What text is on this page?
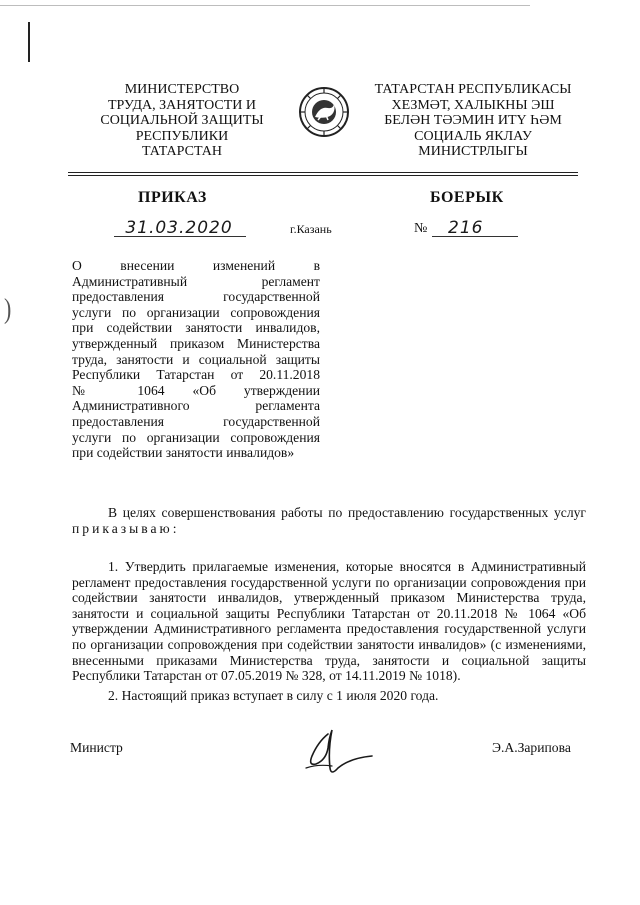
)
МИНИСТЕРСТВО
ТРУДА, ЗАНЯТОСТИ И
СОЦИАЛЬНОЙ ЗАЩИТЫ
РЕСПУБЛИКИ
ТАТАРСТАН
ТАТАРСТАН РЕСПУБЛИКАСЫ
ХЕЗМӘТ, ХАЛЫКНЫ ЭШ
БЕЛӘН ТӘЭМИН ИТҮ ҺӘМ
СОЦИАЛЬ ЯКЛАУ
МИНИСТРЛЫГЫ
ПРИКАЗ	БОЕРЫК
31.03.2020	г.Казань	№	216
О внесении изменений в
Административный регламент
предоставления государственной
услуги по организации сопровождения
при содействии занятости инвалидов,
утвержденный приказом Министерства
труда, занятости и социальной защиты
Республики Татарстан от 20.11.2018
№ 1064 «Об утверждении
Административного регламента
предоставления государственной
услуги по организации сопровождения
при содействии занятости инвалидов»

В целях совершенствования работы по предоставлению государственных услуг приказываю:

1. Утвердить прилагаемые изменения, которые вносятся в Административный регламент предоставления государственной услуги по организации сопровождения при содействии занятости инвалидов, утвержденный приказом Министерства труда, занятости и социальной защиты Республики Татарстан от 20.11.2018 № 1064 «Об утверждении Административного регламента предоставления государственной услуги по организации сопровождения при содействии занятости инвалидов» (с изменениями, внесенными приказами Министерства труда, занятости и социальной защиты Республики Татарстан от 07.05.2019 № 328, от 14.11.2019 № 1018).

2. Настоящий приказ вступает в силу с 1 июля 2020 года.

Министр	Э.А.Зарипова
